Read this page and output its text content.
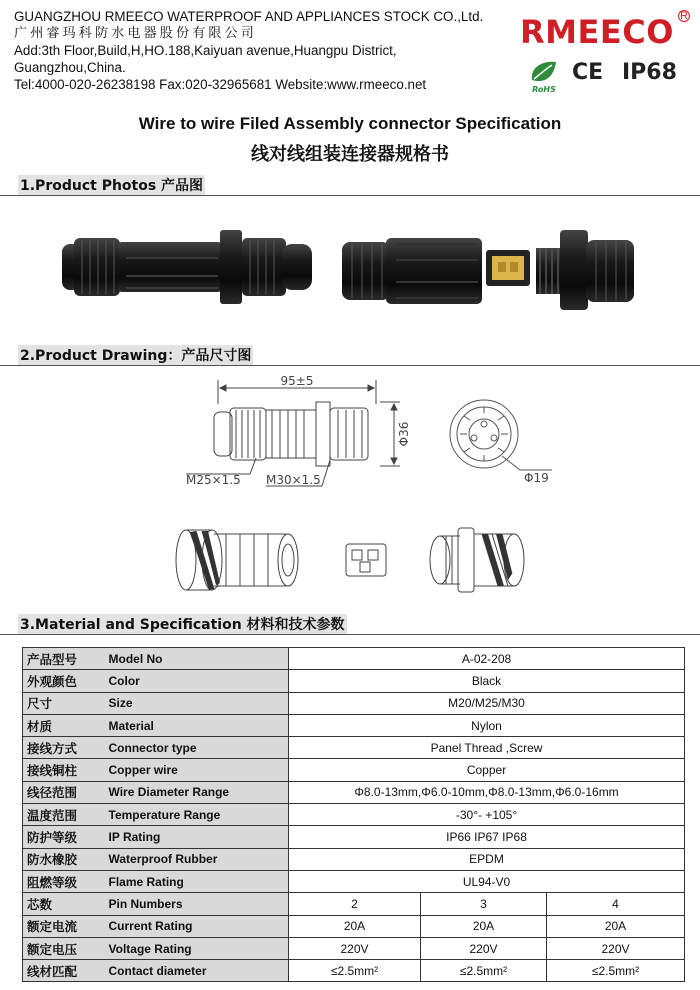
GUANGZHOU RMEECO WATERPROOF AND APPLIANCES STOCK CO.,Ltd.
广州睿玛科防水电器股份有限公司
Add:3th Floor,Build,H,HO.188,Kaiyuan avenue,Huangpu District,
Guangzhou,China.
Tel:4000-020-26238198 Fax:020-32965681 Website:www.rmeeco.net
RMEECO R
RoHS
CE IP68
Wire to wire Filed Assembly connector Specification
线对线组装连接器规格书
1.Product Photos 产品图
2.Product Drawing：产品尺寸图
95±5
Φ36
M25×1.5 M30×1.5	Φ19
3.Material and Specification 材料和技术参数
产品型号	Model No	A-02-208		
外观颜色	Color	Black		
尺寸	Size	M20/M25/M30		
材质	Material	Nylon		
接线方式	Connector type	Panel Thread ,Screw		
接线铜柱	Copper wire	Copper		
线径范围	Wire Diameter Range	Φ8.0-13mm,Φ6.0-10mm,Φ8.0-13mm,Φ6.0-16mm		
温度范围	Temperature Range	-30°- +105°		
防护等级	IP Rating	IP66 IP67 IP68		
防水橡胶	Waterproof Rubber	EPDM		
阻燃等级	Flame Rating	UL94-V0		
芯数	Pin Numbers	2	3	4
额定电流	Current Rating	20A	20A	20A
额定电压	Voltage Rating	220V	220V	220V
线材匹配	Contact diameter	≤2.5mm²	≤2.5mm²	≤2.5mm²
